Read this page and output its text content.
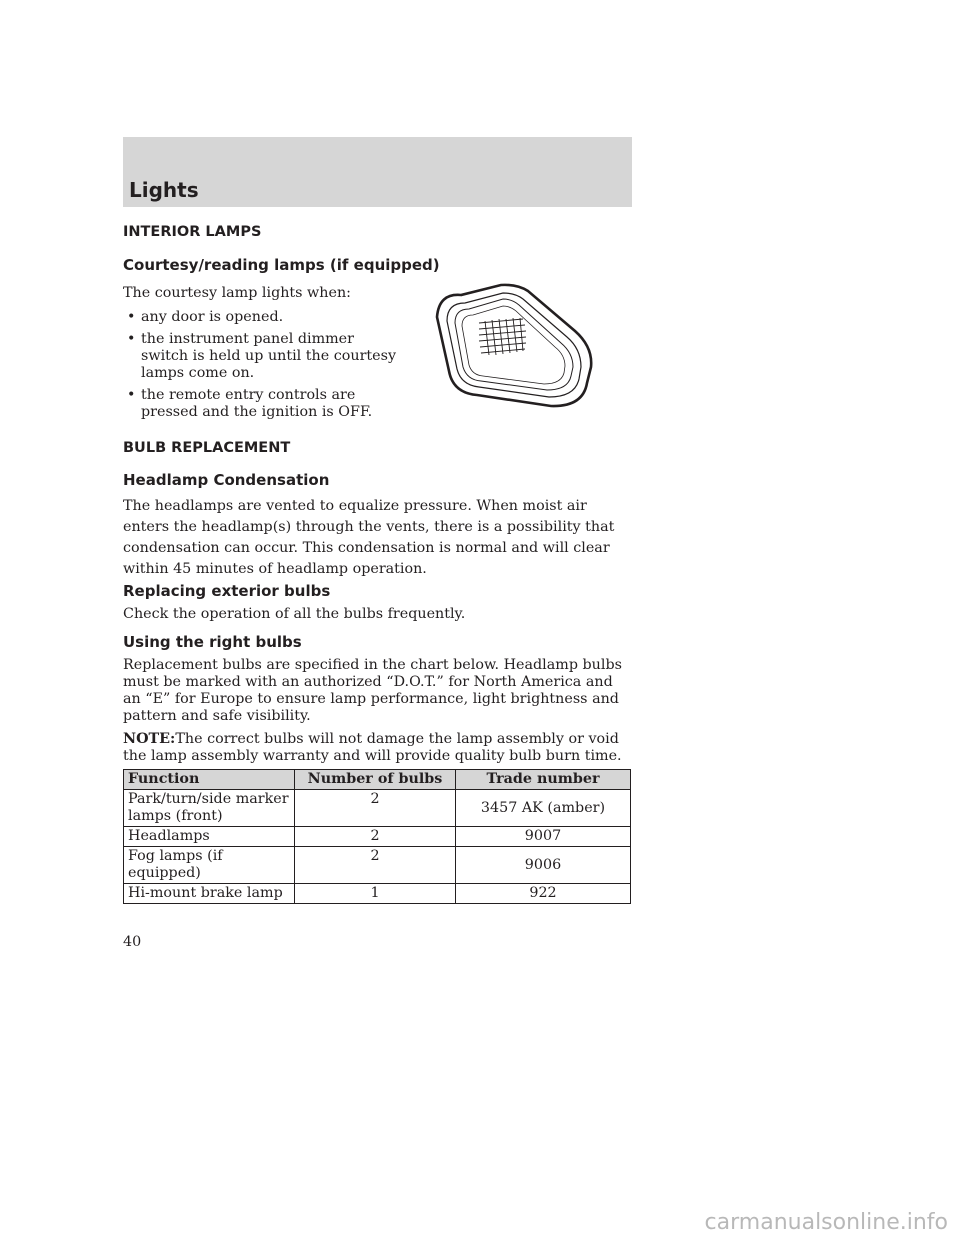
Lights
INTERIOR LAMPS
Courtesy/reading lamps (if equipped)

The courtesy lamp lights when:

• any door is opened.
• the instrument panel dimmer switch is held up until the courtesy lamps come on.
• the remote entry controls are pressed and the ignition is OFF.
BULB REPLACEMENT
Headlamp Condensation

The headlamps are vented to equalize pressure. When moist air enters the headlamp(s) through the vents, there is a possibility that condensation can occur. This condensation is normal and will clear within 45 minutes of headlamp operation.

Replacing exterior bulbs

Check the operation of all the bulbs frequently.

Using the right bulbs

Replacement bulbs are specified in the chart below. Headlamp bulbs must be marked with an authorized “D.O.T.” for North America and an “E” for Europe to ensure lamp performance, light brightness and pattern and safe visibility.

NOTE:The correct bulbs will not damage the lamp assembly or void the lamp assembly warranty and will provide quality bulb burn time.

Function	Number of bulbs	Trade number
Park/turn/side marker lamps (front)	2	3457 AK (amber)
Headlamps	2	9007
Fog lamps (if equipped)	2	9006
Hi-mount brake lamp	1	922

40

carmanualsonline.info
